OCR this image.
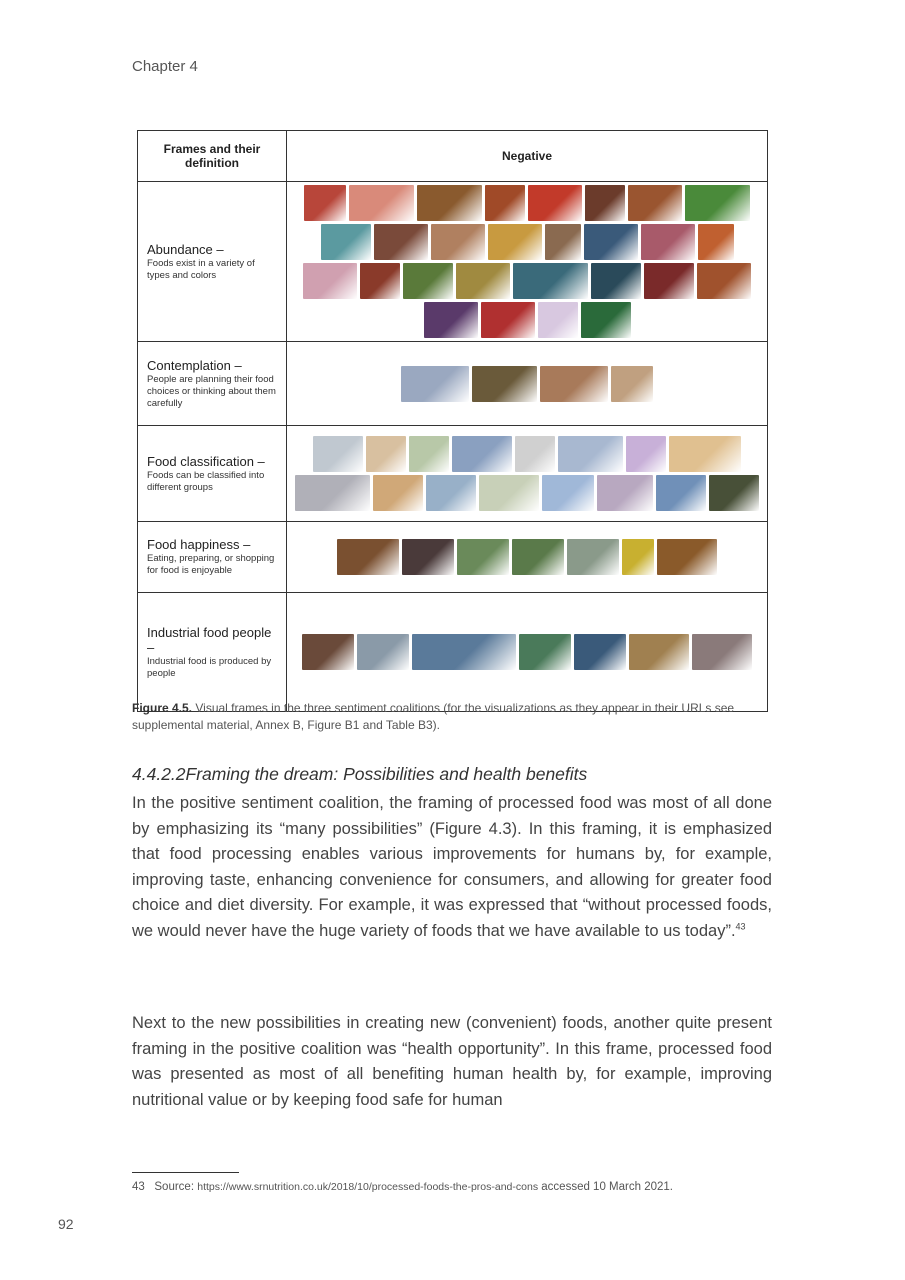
Chapter 4
Frames and their definition	Negative

Abundance –
Foods exist in a variety of types and colors	

Contemplation –
People are planning their food choices or thinking about them carefully	

Food classification –
Foods can be classified into different groups	

Food happiness –
Eating, preparing, or shopping for food is enjoyable	

Industrial food people –
Industrial food is produced by people	

Figure 4.5. Visual frames in the three sentiment coalitions (for the visualizations as they appear in their URLs see supplemental material, Annex B, Figure B1 and Table B3).
4.4.2.2Framing the dream: Possibilities and health benefits

In the positive sentiment coalition, the framing of processed food was most of all done by emphasizing its “many possibilities” (Figure 4.3). In this framing, it is emphasized that food processing enables various improvements for humans by, for example, improving taste, enhancing convenience for consumers, and allowing for greater food choice and diet diversity. For example, it was expressed that “without processed foods, we would never have the huge variety of foods that we have available to us today”.$^{43}$

Next to the new possibilities in creating new (convenient) foods, another quite present framing in the positive coalition was “health opportunity”. In this frame, processed food was presented as most of all benefiting human health by, for example, improving nutritional value or by keeping food safe for human

43 Source: https://www.srnutrition.co.uk/2018/10/processed-foods-the-pros-and-cons accessed 10 March 2021.
92
